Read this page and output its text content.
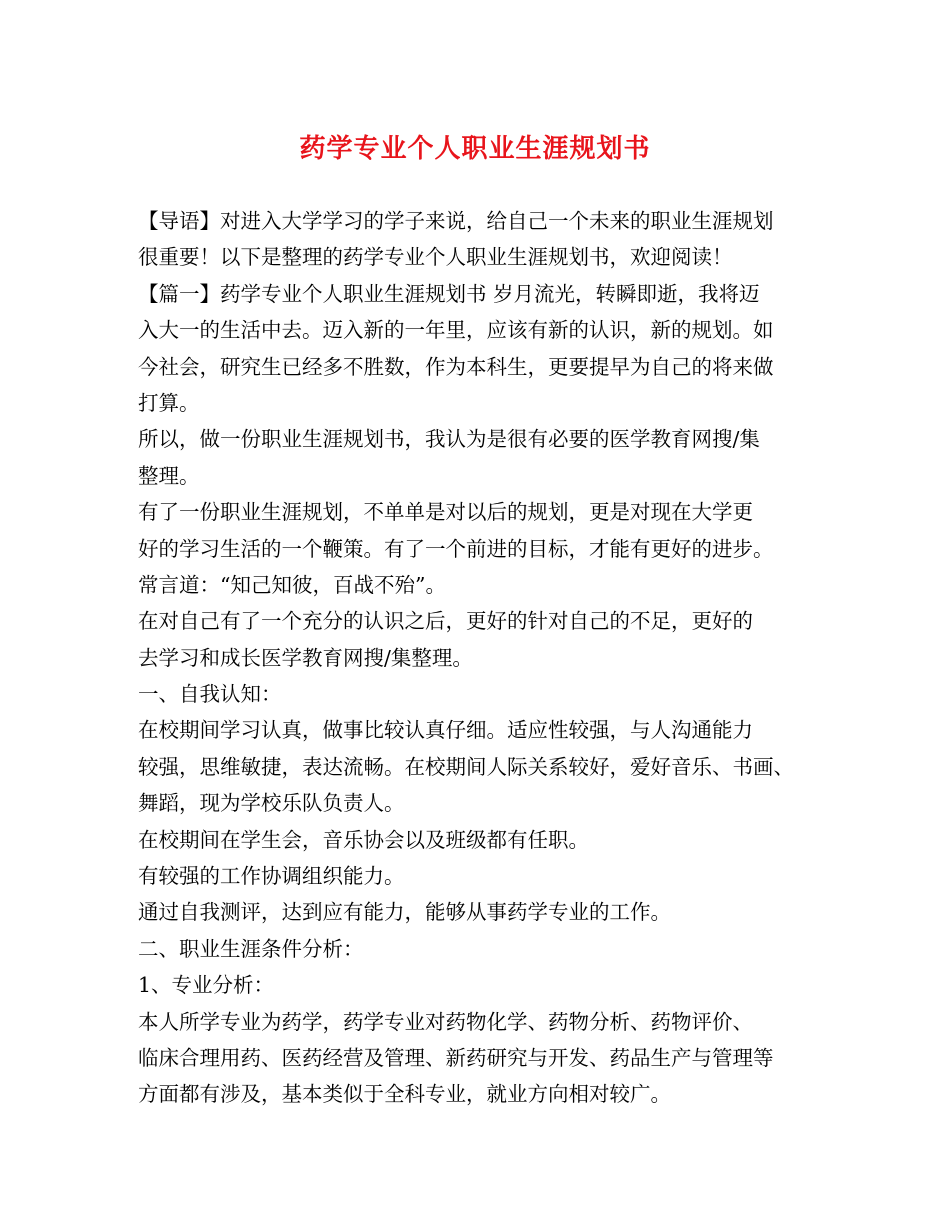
药学专业个人职业生涯规划书
【导语】对进入大学学习的学子来说，给自己一个未来的职业生涯规划
很重要！以下是整理的药学专业个人职业生涯规划书，欢迎阅读！
【篇一】药学专业个人职业生涯规划书 岁月流光，转瞬即逝，我将迈
入大一的生活中去。迈入新的一年里，应该有新的认识，新的规划。如
今社会，研究生已经多不胜数，作为本科生，更要提早为自己的将来做
打算。
所以，做一份职业生涯规划书，我认为是很有必要的医学教育网搜/集
整理。
有了一份职业生涯规划，不单单是对以后的规划，更是对现在大学更
好的学习生活的一个鞭策。有了一个前进的目标，才能有更好的进步。
常言道：“知己知彼，百战不殆”。
在对自己有了一个充分的认识之后，更好的针对自己的不足，更好的
去学习和成长医学教育网搜/集整理。
一、自我认知：
在校期间学习认真，做事比较认真仔细。适应性较强，与人沟通能力
较强，思维敏捷，表达流畅。在校期间人际关系较好，爱好音乐、书画、
舞蹈，现为学校乐队负责人。
在校期间在学生会，音乐协会以及班级都有任职。
有较强的工作协调组织能力。
通过自我测评，达到应有能力，能够从事药学专业的工作。
二、职业生涯条件分析：
1、专业分析：
本人所学专业为药学，药学专业对药物化学、药物分析、药物评价、
临床合理用药、医药经营及管理、新药研究与开发、药品生产与管理等
方面都有涉及，基本类似于全科专业，就业方向相对较广。
